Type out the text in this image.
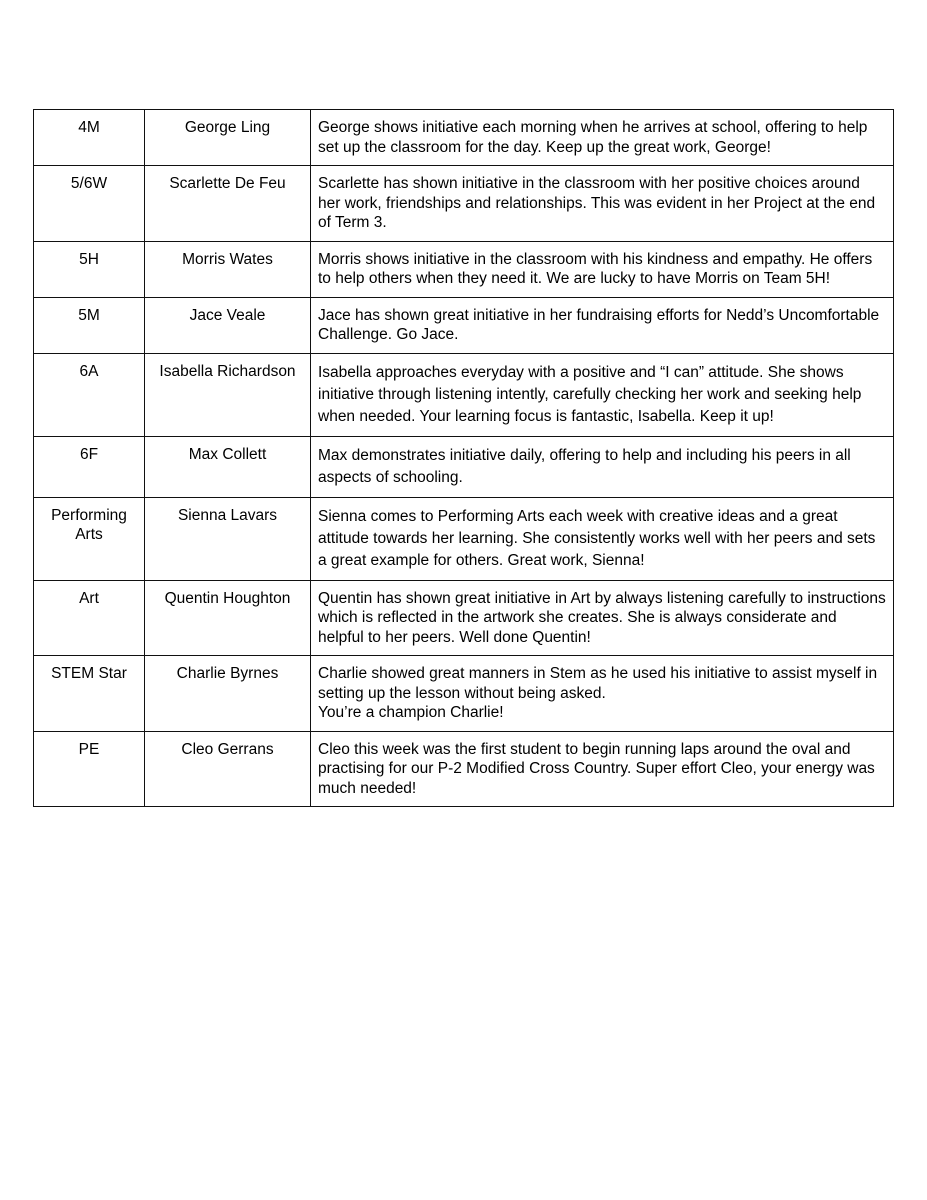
4M	George Ling	George shows initiative each morning when he arrives at school, offering to help set up the classroom for the day. Keep up the great work, George!
5/6W	Scarlette De Feu	Scarlette has shown initiative in the classroom with her positive choices around her work, friendships and relationships. This was evident in her Project at the end of Term 3.
5H	Morris Wates	Morris shows initiative in the classroom with his kindness and empathy. He offers to help others when they need it. We are lucky to have Morris on Team 5H!
5M	Jace Veale	Jace has shown great initiative in her fundraising efforts for Nedd’s Uncomfortable Challenge. Go Jace.
6A	Isabella Richardson	Isabella approaches everyday with a positive and “I can” attitude. She shows initiative through listening intently, carefully checking her work and seeking help when needed. Your learning focus is fantastic, Isabella. Keep it up!
6F	Max Collett	Max demonstrates initiative daily, offering to help and including his peers in all aspects of schooling.
Performing Arts	Sienna Lavars	Sienna comes to Performing Arts each week with creative ideas and a great attitude towards her learning. She consistently works well with her peers and sets a great example for others. Great work, Sienna!
Art	Quentin Houghton	Quentin has shown great initiative in Art by always listening carefully to instructions which is reflected in the artwork she creates. She is always considerate and helpful to her peers. Well done Quentin!
STEM Star	Charlie Byrnes	Charlie showed great manners in Stem as he used his initiative to assist myself in setting up the lesson without being asked.
You’re a champion Charlie!
PE	Cleo Gerrans	Cleo this week was the first student to begin running laps around the oval and practising for our P-2 Modified Cross Country. Super effort Cleo, your energy was much needed!
